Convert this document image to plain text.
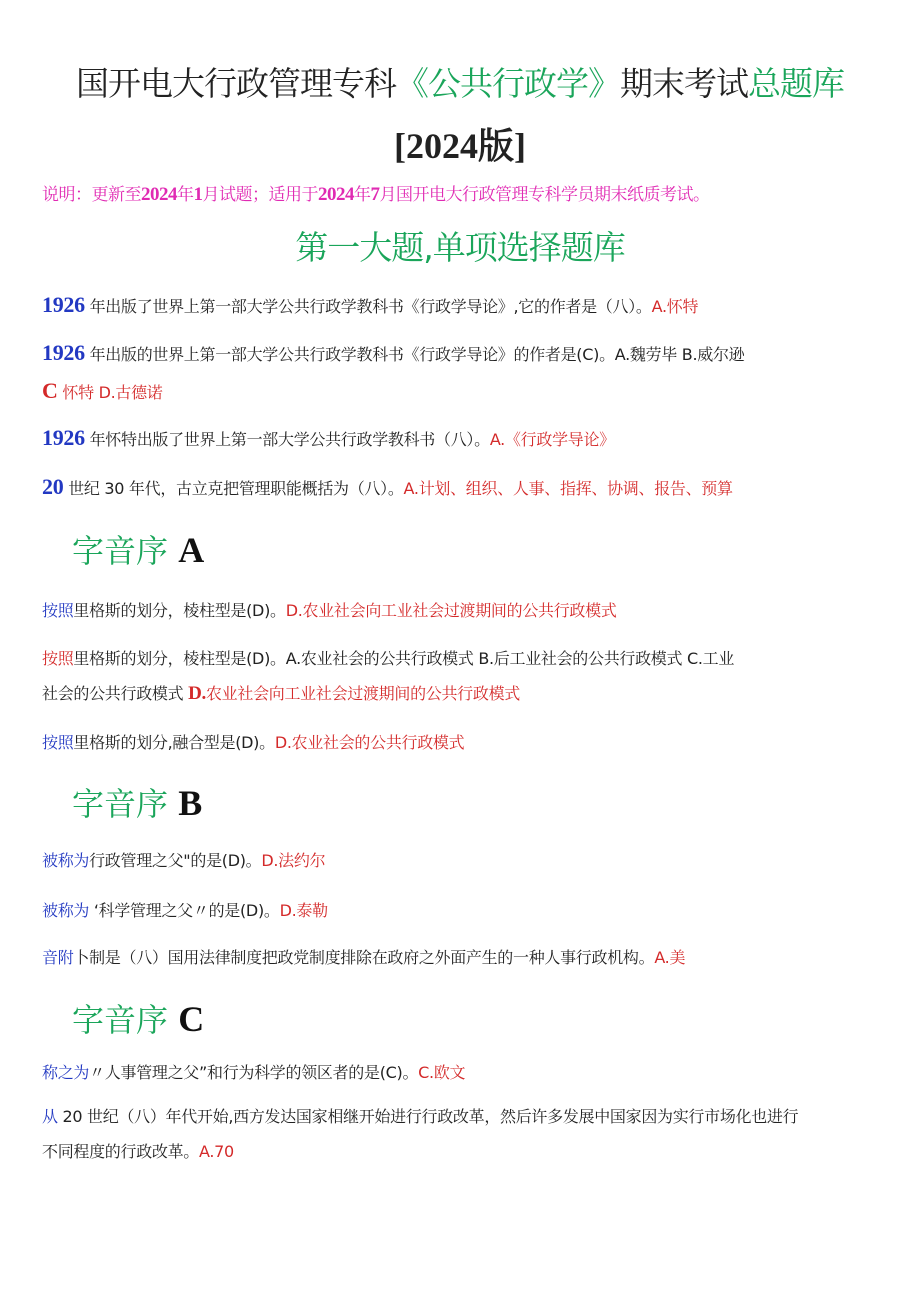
国开电大行政管理专科《公共行政学》期末考试总题库
[2024版]
说明：更新至2024年1月试题；适用于2024年7月国开电大行政管理专科学员期末纸质考试。
第一大题,单项选择题库
1926 年出版了世界上第一部大学公共行政学教科书《行政学导论》,它的作者是（八）。A.怀特
1926 年出版的世界上第一部大学公共行政学教科书《行政学导论》的作者是(C)。A.魏劳毕 B.威尔逊
C 怀特 D.古德诺
1926 年怀特出版了世界上第一部大学公共行政学教科书（八）。A.《行政学导论》
20 世纪 30 年代，古立克把管理职能概括为（八）。A.计划、组织、人事、指挥、协调、报告、预算
字音序 A
按照里格斯的划分，棱柱型是(D)。D.农业社会向工业社会过渡期间的公共行政模式
按照里格斯的划分，棱柱型是(D)。A.农业社会的公共行政模式 B.后工业社会的公共行政模式 C.工业
社会的公共行政模式 D.农业社会向工业社会过渡期间的公共行政模式
按照里格斯的划分,融合型是(D)。D.农业社会的公共行政模式
字音序 B
被称为行政管理之父"的是(D)。D.法约尔
被称为 ‘科学管理之父〃的是(D)。D.泰勒
音附卜制是（八）国用法律制度把政党制度排除在政府之外面产生的一种人事行政机构。A.美
字音序 C
称之为〃人事管理之父”和行为科学的领区者的是(C)。C.欧文
从 20 世纪（八）年代开始,西方发达国家相继开始进行行政改革，然后许多发展中国家因为实行市场化也进行
不同程度的行政改革。A.70
